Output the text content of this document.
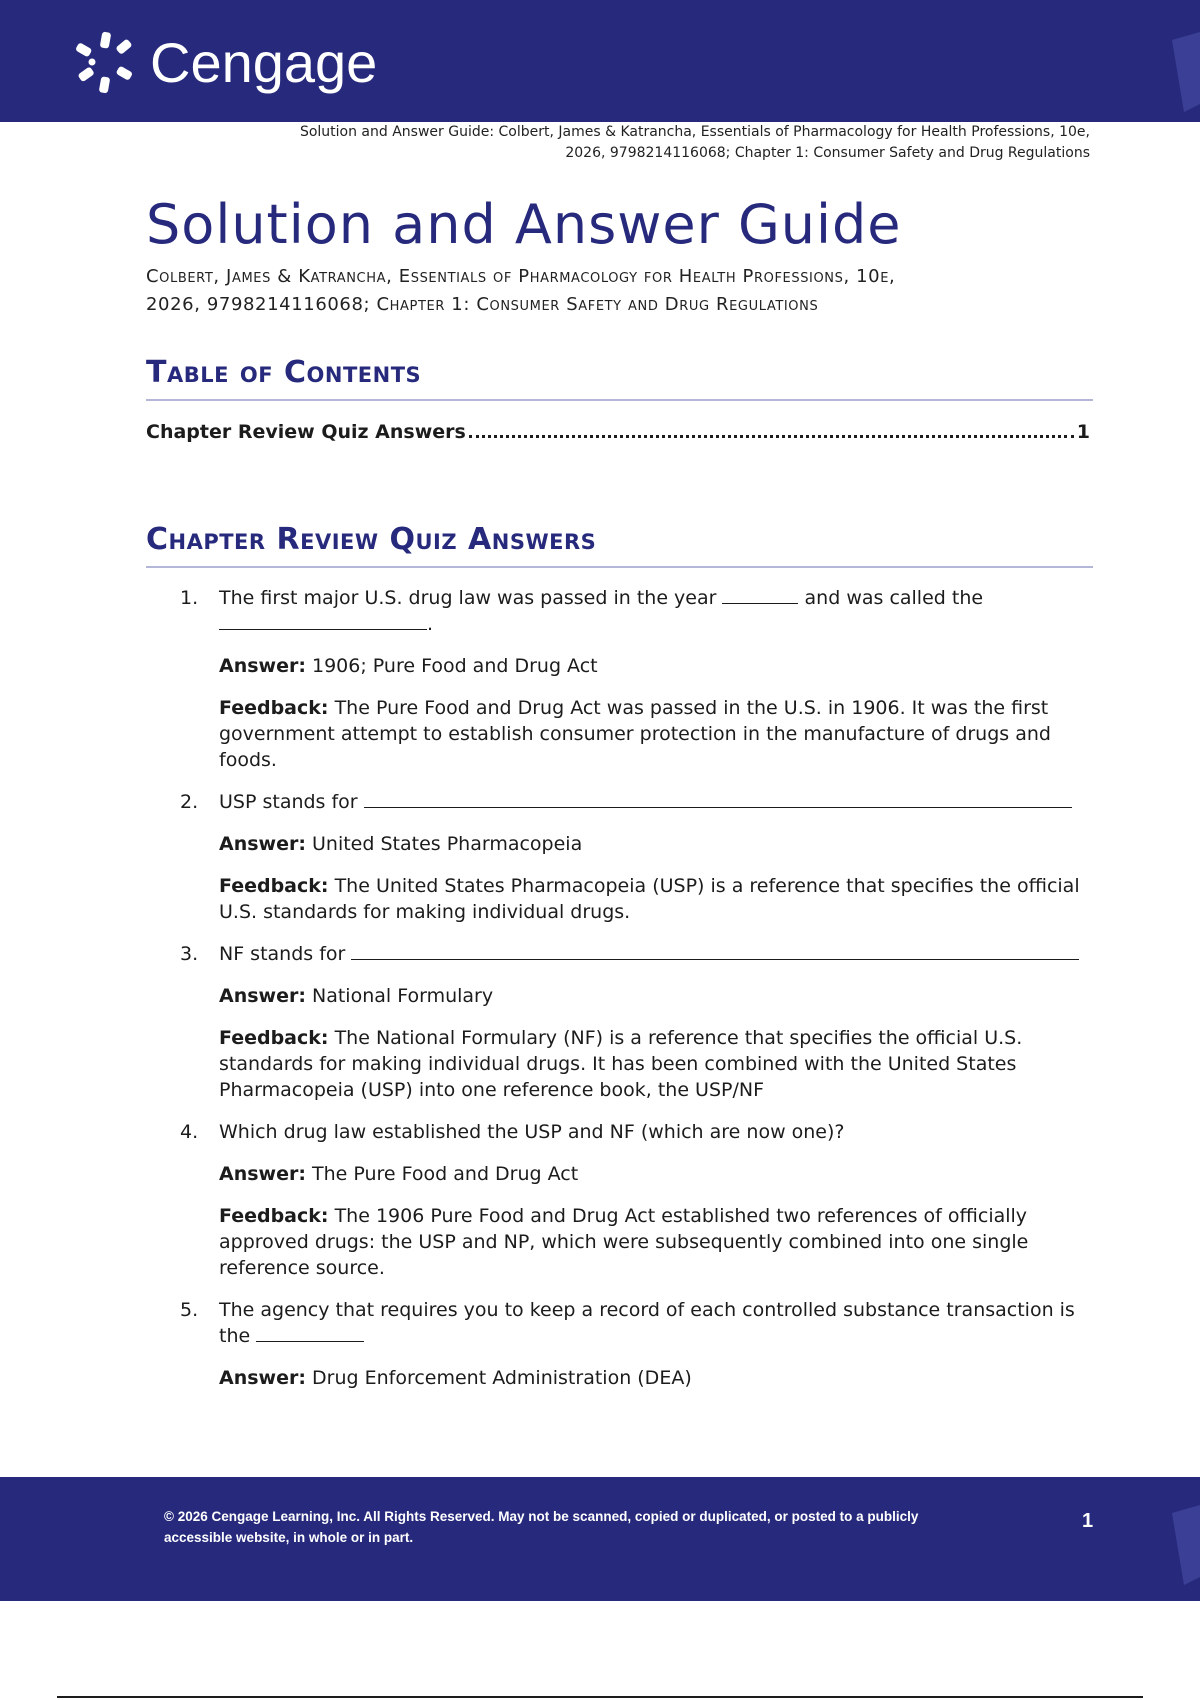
Cengage
Solution and Answer Guide: Colbert, James & Katrancha, Essentials of Pharmacology for Health Professions, 10e,
2026, 9798214116068; Chapter 1: Consumer Safety and Drug Regulations
Solution and Answer Guide
Colbert, James & Katrancha, Essentials of Pharmacology for Health Professions, 10e,
2026, 9798214116068; Chapter 1: Consumer Safety and Drug Regulations
Table of Contents
Chapter Review Quiz Answers	1
Chapter Review Quiz Answers
1. The first major U.S. drug law was passed in the year	and was called the
.

Answer: 1906; Pure Food and Drug Act

Feedback: The Pure Food and Drug Act was passed in the U.S. in 1906. It was the first government attempt to establish consumer protection in the manufacture of drugs and foods.

2. USP stands for

Answer: United States Pharmacopeia

Feedback: The United States Pharmacopeia (USP) is a reference that specifies the official U.S. standards for making individual drugs.

3. NF stands for

Answer: National Formulary

Feedback: The National Formulary (NF) is a reference that specifies the official U.S. standards for making individual drugs. It has been combined with the United States Pharmacopeia (USP) into one reference book, the USP/NF

4. Which drug law established the USP and NF (which are now one)?

Answer: The Pure Food and Drug Act

Feedback: The 1906 Pure Food and Drug Act established two references of officially approved drugs: the USP and NP, which were subsequently combined into one single reference source.

5. The agency that requires you to keep a record of each controlled substance transaction is the

Answer: Drug Enforcement Administration (DEA)

© 2026 Cengage Learning, Inc. All Rights Reserved. May not be scanned, copied or duplicated, or posted to a publicly accessible website, in whole or in part.
1
